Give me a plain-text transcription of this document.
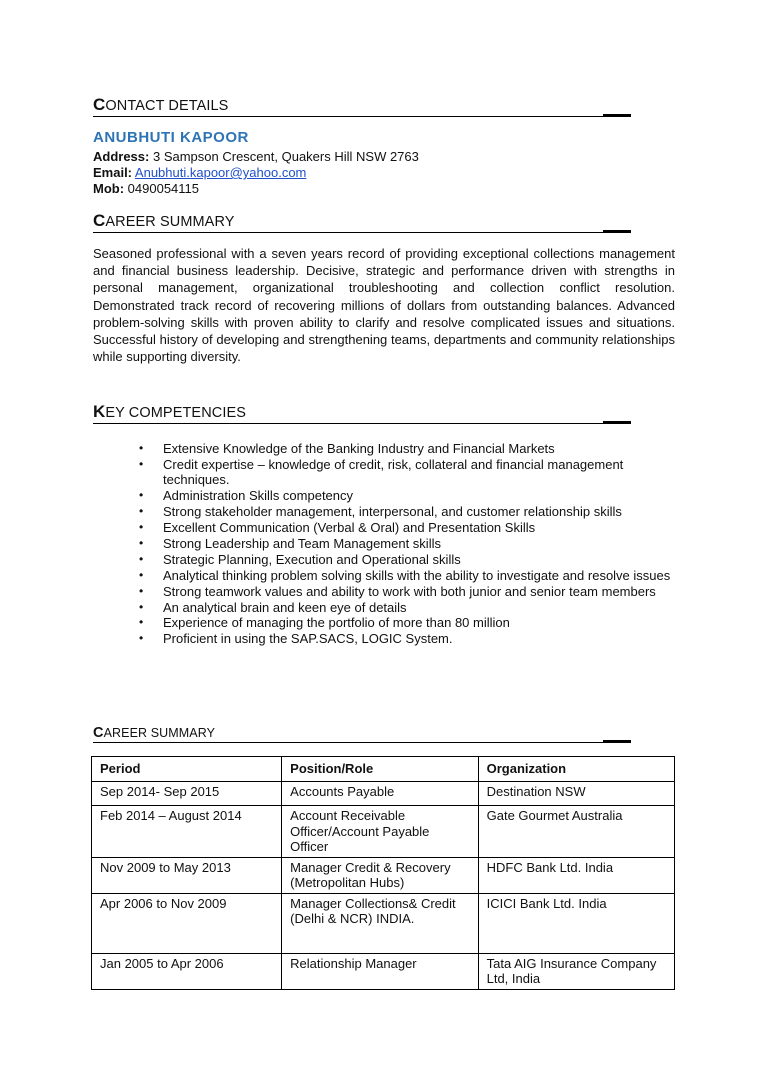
CONTACT DETAILS
ANUBHUTI KAPOOR
Address: 3 Sampson Crescent, Quakers Hill NSW 2763
Email: Anubhuti.kapoor@yahoo.com
Mob: 0490054115
CAREER SUMMARY

Seasoned professional with a seven years record of providing exceptional collections management and financial business leadership. Decisive, strategic and performance driven with strengths in personal management, organizational troubleshooting and collection conflict resolution. Demonstrated track record of recovering millions of dollars from outstanding balances. Advanced problem-solving skills with proven ability to clarify and resolve complicated issues and situations. Successful history of developing and strengthening teams, departments and community relationships while supporting diversity.

KEY COMPETENCIES
• Extensive Knowledge of the Banking Industry and Financial Markets
• Credit expertise – knowledge of credit, risk, collateral and financial management techniques.
• Administration Skills competency
• Strong stakeholder management, interpersonal, and customer relationship skills
• Excellent Communication (Verbal & Oral) and Presentation Skills
• Strong Leadership and Team Management skills
• Strategic Planning, Execution and Operational skills
• Analytical thinking problem solving skills with the ability to investigate and resolve issues
• Strong teamwork values and ability to work with both junior and senior team members
• An analytical brain and keen eye of details
• Experience of managing the portfolio of more than 80 million
• Proficient in using the SAP.SACS, LOGIC System.
CAREER SUMMARY
Period	Position/Role	Organization
Sep 2014- Sep 2015	Accounts Payable	Destination NSW
Feb 2014 – August 2014	Account Receivable Officer/Account Payable Officer	Gate Gourmet Australia
Nov 2009 to May 2013	Manager Credit & Recovery (Metropolitan Hubs)	HDFC Bank Ltd. India
Apr 2006 to Nov 2009	Manager Collections& Credit (Delhi & NCR) INDIA.	ICICI Bank Ltd. India
Jan 2005 to Apr 2006	Relationship Manager	Tata AIG Insurance Company Ltd, India
